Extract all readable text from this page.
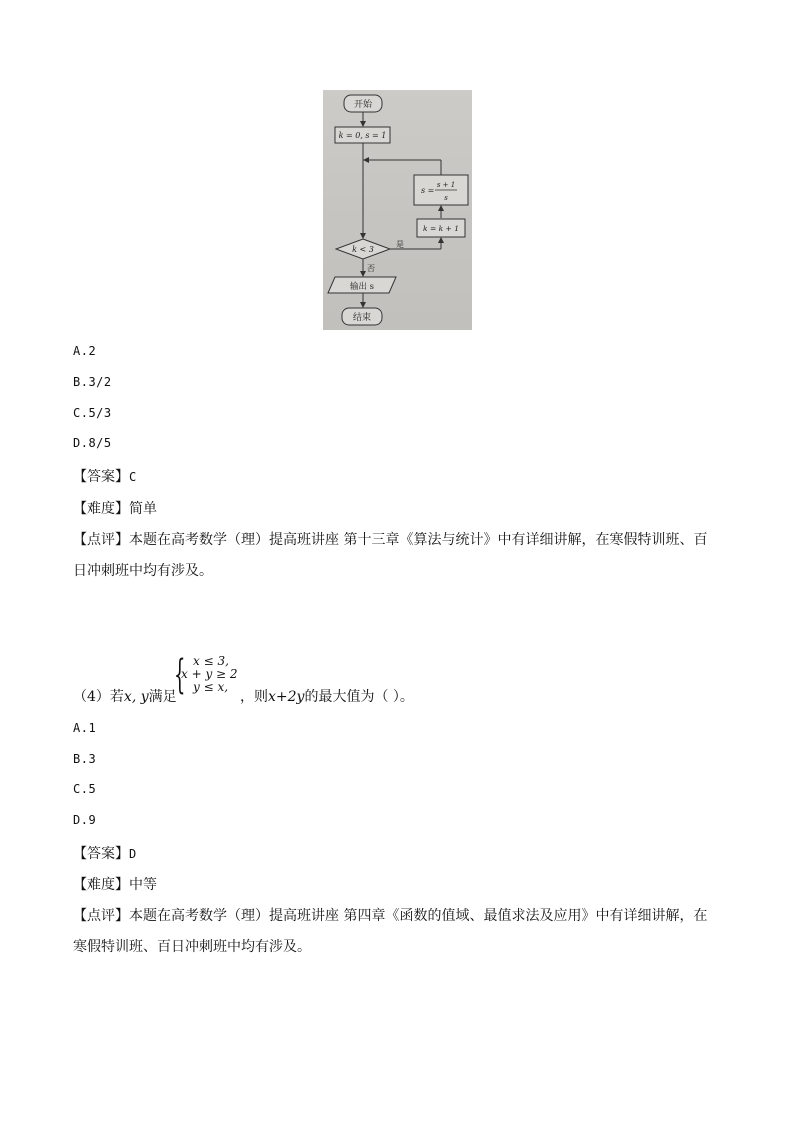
开始
k = 0, s = 1
s =
s + 1
s
k = k + 1
k < 3
是
否
输出 s
结束
A.2
B.3/2
C.5/3
D.8/5
【答案】C
【难度】简单
【点评】本题在高考数学（理）提高班讲座 第十三章《算法与统计》中有详细讲解，在寒假特训班、百
日冲刺班中均有涉及。
（4）若x, y满足
{ x ≤ 3,
x + y ≥ 2
y ≤ x,
，则x+2y的最大值为（ ）。
A.1
B.3
C.5
D.9
【答案】D
【难度】中等
【点评】本题在高考数学（理）提高班讲座 第四章《函数的值域、最值求法及应用》中有详细讲解，在
寒假特训班、百日冲刺班中均有涉及。
